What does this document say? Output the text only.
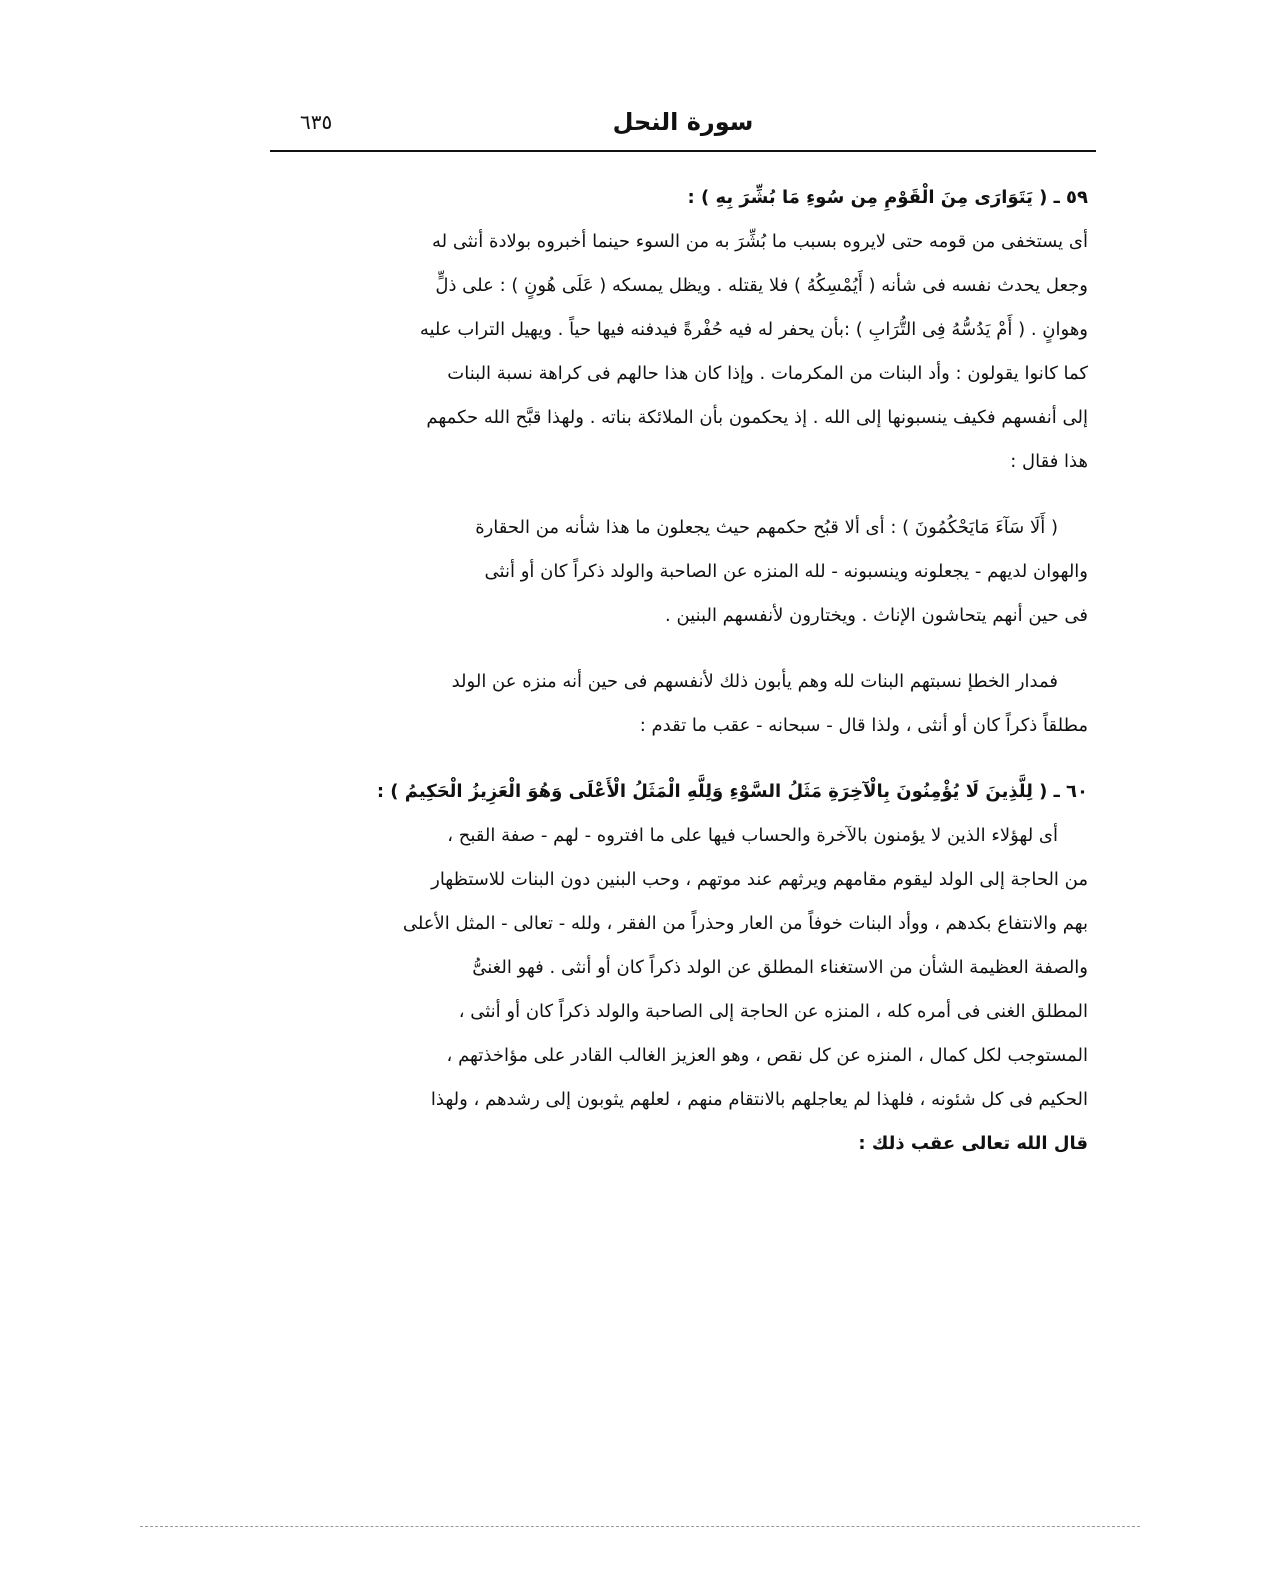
سورة النحل
٦٣٥
٥٩ ـ ( يَتَوَارَى مِنَ الْقَوْمِ مِن سُوءِ مَا بُشِّرَ بِهِ ) :
أى يستخفى من قومه حتى لايروه بسبب ما بُشِّرَ به من السوء حينما أخبروه بولادة أنثى له
وجعل يحدث نفسه فى شأنه ( أَيُمْسِكُهُ ) فلا يقتله . ويظل يمسكه ( عَلَى هُونٍ ) : على ذلٍّ
وهوانٍ . ( أَمْ يَدُسُّهُ فِى التُّرَابِ ) :بأن يحفر له فيه حُفْرةً فيدفنه فيها حياً . ويهيل التراب عليه
كما كانوا يقولون : وأد البنات من المكرمات . وإذا كان هذا حالهم فى كراهة نسبة البنات
إلى أنفسهم فكيف ينسبونها إلى الله . إذ يحكمون بأن الملائكة بناته . ولهذا قبَّح الله حكمهم
هذا فقال :
( أَلَا سَآءَ مَايَحْكُمُونَ ) : أى ألا قبُح حكمهم حيث يجعلون ما هذا شأنه من الحقارة
والهوان لديهم - يجعلونه وينسبونه - لله المنزه عن الصاحبة والولد ذكراً كان أو أنثى
فى حين أنهم يتحاشون الإناث . ويختارون لأنفسهم البنين .
فمدار الخطإ نسبتهم البنات لله وهم يأبون ذلك لأنفسهم فى حين أنه منزه عن الولد
مطلقاً ذكراً كان أو أنثى ، ولذا قال - سبحانه - عقب ما تقدم :
٦٠ ـ ( لِلَّذِينَ لَا يُؤْمِنُونَ بِالْآخِرَةِ مَثَلُ السَّوْءِ وَلِلَّهِ الْمَثَلُ الْأَعْلَى وَهُوَ الْعَزِيزُ الْحَكِيمُ ) :
أى لهؤلاء الذين لا يؤمنون بالآخرة والحساب فيها على ما افتروه - لهم - صفة القبح ،
من الحاجة إلى الولد ليقوم مقامهم ويرثهم عند موتهم ، وحب البنين دون البنات للاستظهار
بهم والانتفاع بكدهم ، ووأد البنات خوفاً من العار وحذراً من الفقر ، ولله - تعالى - المثل الأعلى
والصفة العظيمة الشأن من الاستغناء المطلق عن الولد ذكراً كان أو أنثى . فهو الغنىُّ
المطلق الغنى فى أمره كله ، المنزه عن الحاجة إلى الصاحبة والولد ذكراً كان أو أنثى ،
المستوجب لكل كمال ، المنزه عن كل نقص ، وهو العزيز الغالب القادر على مؤاخذتهم ،
الحكيم فى كل شئونه ، فلهذا لم يعاجلهم بالانتقام منهم ، لعلهم يثوبون إلى رشدهم ، ولهذا
قال الله تعالى عقب ذلك :
